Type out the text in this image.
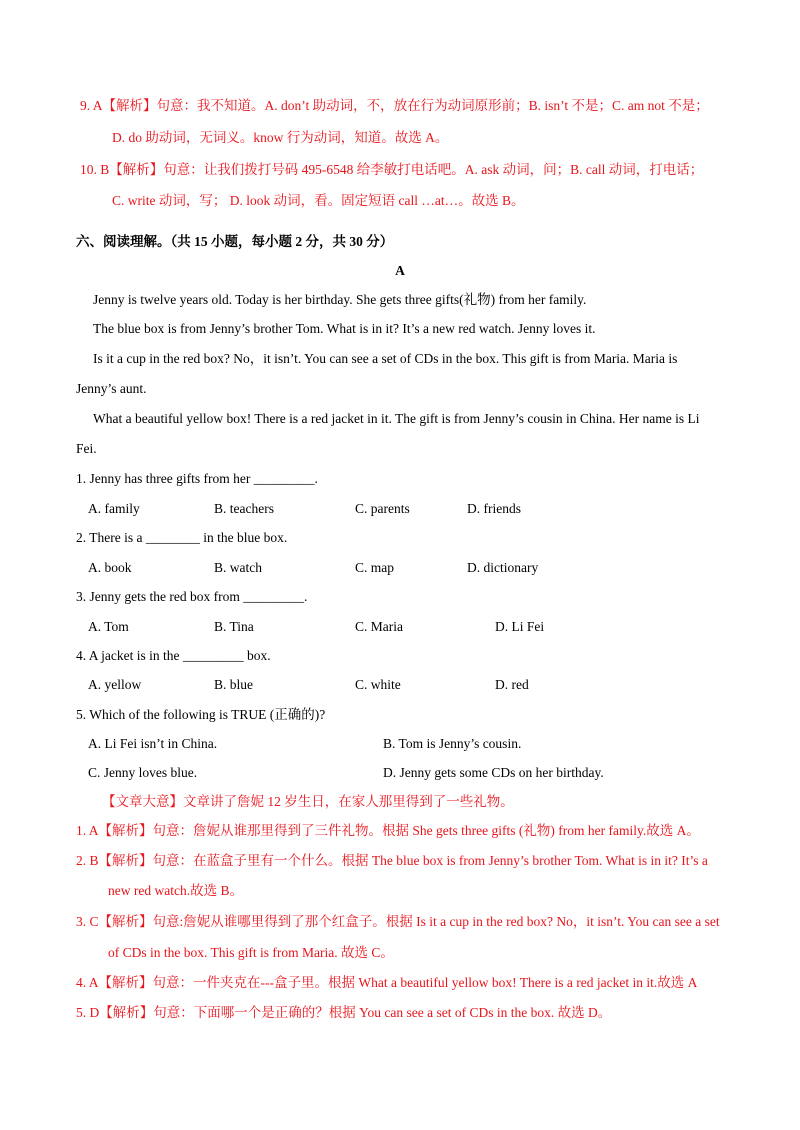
9. A【解析】句意：我不知道。A. don’t 助动词，不，放在行为动词原形前；B. isn’t 不是；C. am not 不是；
D. do 助动词，无词义。know 行为动词，知道。故选 A。
10. B【解析】句意：让我们拨打号码 495-6548 给李敏打电话吧。A. ask 动词，问；B. call 动词，打电话；
C. write 动词，写； D. look 动词，看。固定短语 call …at…。故选 B。
六、阅读理解。（共 15 小题，每小题 2 分，共 30 分）
A
Jenny is twelve years old. Today is her birthday. She gets three gifts(礼物) from her family.
The blue box is from Jenny’s brother Tom. What is in it? It’s a new red watch. Jenny loves it.
Is it a cup in the red box? No，it isn’t. You can see a set of CDs in the box. This gift is from Maria. Maria is
Jenny’s aunt.
What a beautiful yellow box! There is a red jacket in it. The gift is from Jenny’s cousin in China. Her name is Li
Fei.
1. Jenny has three gifts from her _________.
A. family	B. teachers	C. parents	D. friends
2. There is a ________ in the blue box.
A. book	B. watch	C. map	D. dictionary
3. Jenny gets the red box from _________.
A. Tom	B. Tina	C. Maria	D. Li Fei
4. A jacket is in the _________ box.
A. yellow	B. blue	C. white	D. red
5. Which of the following is TRUE (正确的)?
A. Li Fei isn’t in China.	B. Tom is Jenny’s cousin.
C. Jenny loves blue.	D. Jenny gets some CDs on her birthday.
【文章大意】文章讲了詹妮 12 岁生日，在家人那里得到了一些礼物。
1. A【解析】句意：詹妮从谁那里得到了三件礼物。根据 She gets three gifts (礼物) from her family.故选 A。
2. B【解析】句意：在蓝盒子里有一个什么。根据 The blue box is from Jenny’s brother Tom. What is in it? It’s a
new red watch.故选 B。
3. C【解析】句意:詹妮从谁哪里得到了那个红盒子。根据 Is it a cup in the red box? No，it isn’t. You can see a set
of CDs in the box. This gift is from Maria. 故选 C。
4. A【解析】句意：一件夹克在---盒子里。根据 What a beautiful yellow box! There is a red jacket in it.故选 A
5. D【解析】句意：下面哪一个是正确的？根据 You can see a set of CDs in the box. 故选 D。
